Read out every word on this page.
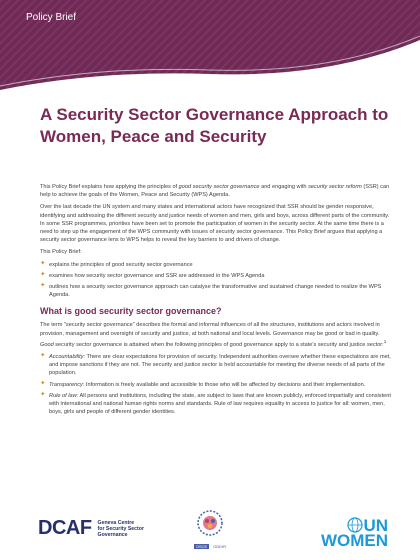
Policy Brief
A Security Sector Governance Approach to Women, Peace and Security

This Policy Brief explains how applying the principles of good security sector governance and engaging with security sector reform (SSR) can help to achieve the goals of the Women, Peace and Security (WPS) Agenda.

Over the last decade the UN system and many states and international actors have recognized that SSR should be gender responsive, identifying and addressing the different security and justice needs of women and men, girls and boys, across different parts of the community. In some SSR programmes, priorities have been set to promote the participation of women in the security sector. At the same time there is a need to step up the engagement of the WPS community with issues of security sector governance. This Policy Brief argues that applying a security sector governance lens to WPS helps to reveal the key barriers to and drivers of change.

This Policy Brief:

✦ explains the principles of good security sector governance
✦ examines how security sector governance and SSR are addressed in the WPS Agenda
✦ outlines how a security sector governance approach can catalyse the transformative and sustained change needed to realize the WPS Agenda.
What is good security sector governance?

The term "security sector governance" describes the formal and informal influences of all the structures, institutions and actors involved in provision, management and oversight of security and justice, at both national and local levels. Governance may be good or bad in quality. Good security sector governance is attained when the following principles of good governance apply to a state's security and justice sector:$^1$

✦ Accountability: There are clear expectations for provision of security. Independent authorities oversee whether these expectations are met, and impose sanctions if they are not. The security and justice sector is held accountable for meeting the diverse needs of all parts of the population.
✦ Transparency: Information is freely available and accessible to those who will be affected by decisions and their implementation.
✦ Rule of law: All persons and institutions, including the state, are subject to laws that are known publicly, enforced impartially and consistent with international and national human rights norms and standards. Rule of law requires equality in access to justice for all: women, men, boys, girls and people of different gender identities.
DCAF Geneva Centre
for Security Sector
Governance
OSCE	ODIHR
UN
WOMEN
